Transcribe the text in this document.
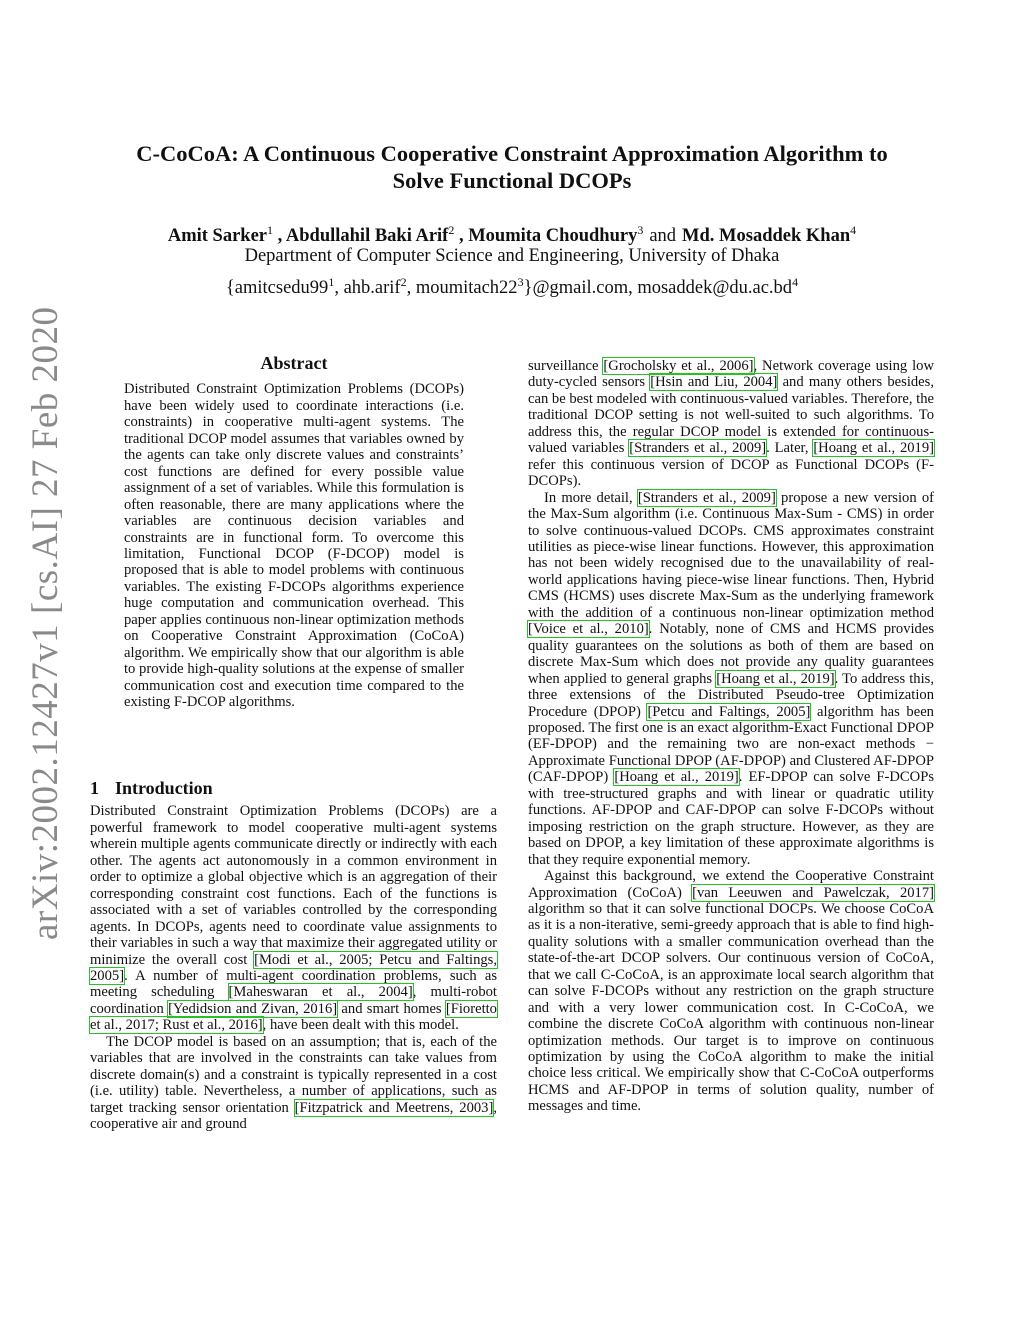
arXiv:2002.12427v1 [cs.AI] 27 Feb 2020
C-CoCoA: A Continuous Cooperative Constraint Approximation Algorithm to
Solve Functional DCOPs
Amit Sarker$^1$ , Abdullahil Baki Arif$^2$ , Moumita Choudhury$^3$ and Md. Mosaddek Khan$^4$
Department of Computer Science and Engineering, University of Dhaka
{$amitcsedu99^1$, ahb.arif$^2$, $moumitach22^3\}@gmail.com$, $mosaddek@du.ac.bd^4$
Abstract

Distributed Constraint Optimization Problems (DCOPs) have been widely used to coordinate interactions (i.e. constraints) in cooperative multi-agent systems. The traditional DCOP model assumes that variables owned by the agents can take only discrete values and constraints’ cost functions are defined for every possible value assignment of a set of variables. While this formulation is often reasonable, there are many applications where the variables are continuous decision variables and constraints are in functional form. To overcome this limitation, Functional DCOP (F-DCOP) model is proposed that is able to model problems with continuous variables. The existing F-DCOPs algorithms experience huge computation and communication overhead. This paper applies continuous non-linear optimization methods on Cooperative Constraint Approximation (CoCoA) algorithm. We empirically show that our algorithm is able to provide high-quality solutions at the expense of smaller communication cost and execution time compared to the existing F-DCOP algorithms.

1 Introduction

Distributed Constraint Optimization Problems (DCOPs) are a powerful framework to model cooperative multi-agent systems wherein multiple agents communicate directly or indirectly with each other. The agents act autonomously in a common environment in order to optimize a global objective which is an aggregation of their corresponding constraint cost functions. Each of the functions is associated with a set of variables controlled by the corresponding agents. In DCOPs, agents need to coordinate value assignments to their variables in such a way that maximize their aggregated utility or minimize the overall cost [Modi et al., 2005; Petcu and Faltings, 2005]. A number of multi-agent coordination problems, such as meeting scheduling [Maheswaran et al., 2004], multi-robot coordination [Yedidsion and Zivan, 2016] and smart homes [Fioretto et al., 2017; Rust et al., 2016], have been dealt with this model.

The DCOP model is based on an assumption; that is, each of the variables that are involved in the constraints can take values from discrete domain(s) and a constraint is typically represented in a cost (i.e. utility) table. Nevertheless, a number of applications, such as target tracking sensor orientation [Fitzpatrick and Meetrens, 2003], cooperative air and ground

surveillance [Grocholsky et al., 2006], Network coverage using low duty-cycled sensors [Hsin and Liu, 2004] and many others besides, can be best modeled with continuous-valued variables. Therefore, the traditional DCOP setting is not well-suited to such algorithms. To address this, the regular DCOP model is extended for continuous-valued variables [Stranders et al., 2009]. Later, [Hoang et al., 2019] refer this continuous version of DCOP as Functional DCOPs (F-DCOPs).

In more detail, [Stranders et al., 2009] propose a new version of the Max-Sum algorithm (i.e. Continuous Max-Sum - CMS) in order to solve continuous-valued DCOPs. CMS approximates constraint utilities as piece-wise linear functions. However, this approximation has not been widely recognised due to the unavailability of real-world applications having piece-wise linear functions. Then, Hybrid CMS (HCMS) uses discrete Max-Sum as the underlying framework with the addition of a continuous non-linear optimization method [Voice et al., 2010]. Notably, none of CMS and HCMS provides quality guarantees on the solutions as both of them are based on discrete Max-Sum which does not provide any quality guarantees when applied to general graphs [Hoang et al., 2019]. To address this, three extensions of the Distributed Pseudo-tree Optimization Procedure (DPOP) [Petcu and Faltings, 2005] algorithm has been proposed. The first one is an exact algorithm-Exact Functional DPOP (EF-DPOP) and the remaining two are non-exact methods − Approximate Functional DPOP (AF-DPOP) and Clustered AF-DPOP (CAF-DPOP) [Hoang et al., 2019]. EF-DPOP can solve F-DCOPs with tree-structured graphs and with linear or quadratic utility functions. AF-DPOP and CAF-DPOP can solve F-DCOPs without imposing restriction on the graph structure. However, as they are based on DPOP, a key limitation of these approximate algorithms is that they require exponential memory.

Against this background, we extend the Cooperative Constraint Approximation (CoCoA) [van Leeuwen and Pawelczak, 2017] algorithm so that it can solve functional DOCPs. We choose CoCoA as it is a non-iterative, semi-greedy approach that is able to find high-quality solutions with a smaller communication overhead than the state-of-the-art DCOP solvers. Our continuous version of CoCoA, that we call C-CoCoA, is an approximate local search algorithm that can solve F-DCOPs without any restriction on the graph structure and with a very lower communication cost. In C-CoCoA, we combine the discrete CoCoA algorithm with continuous non-linear optimization methods. Our target is to improve on continuous optimization by using the CoCoA algorithm to make the initial choice less critical. We empirically show that C-CoCoA outperforms HCMS and AF-DPOP in terms of solution quality, number of messages and time.
